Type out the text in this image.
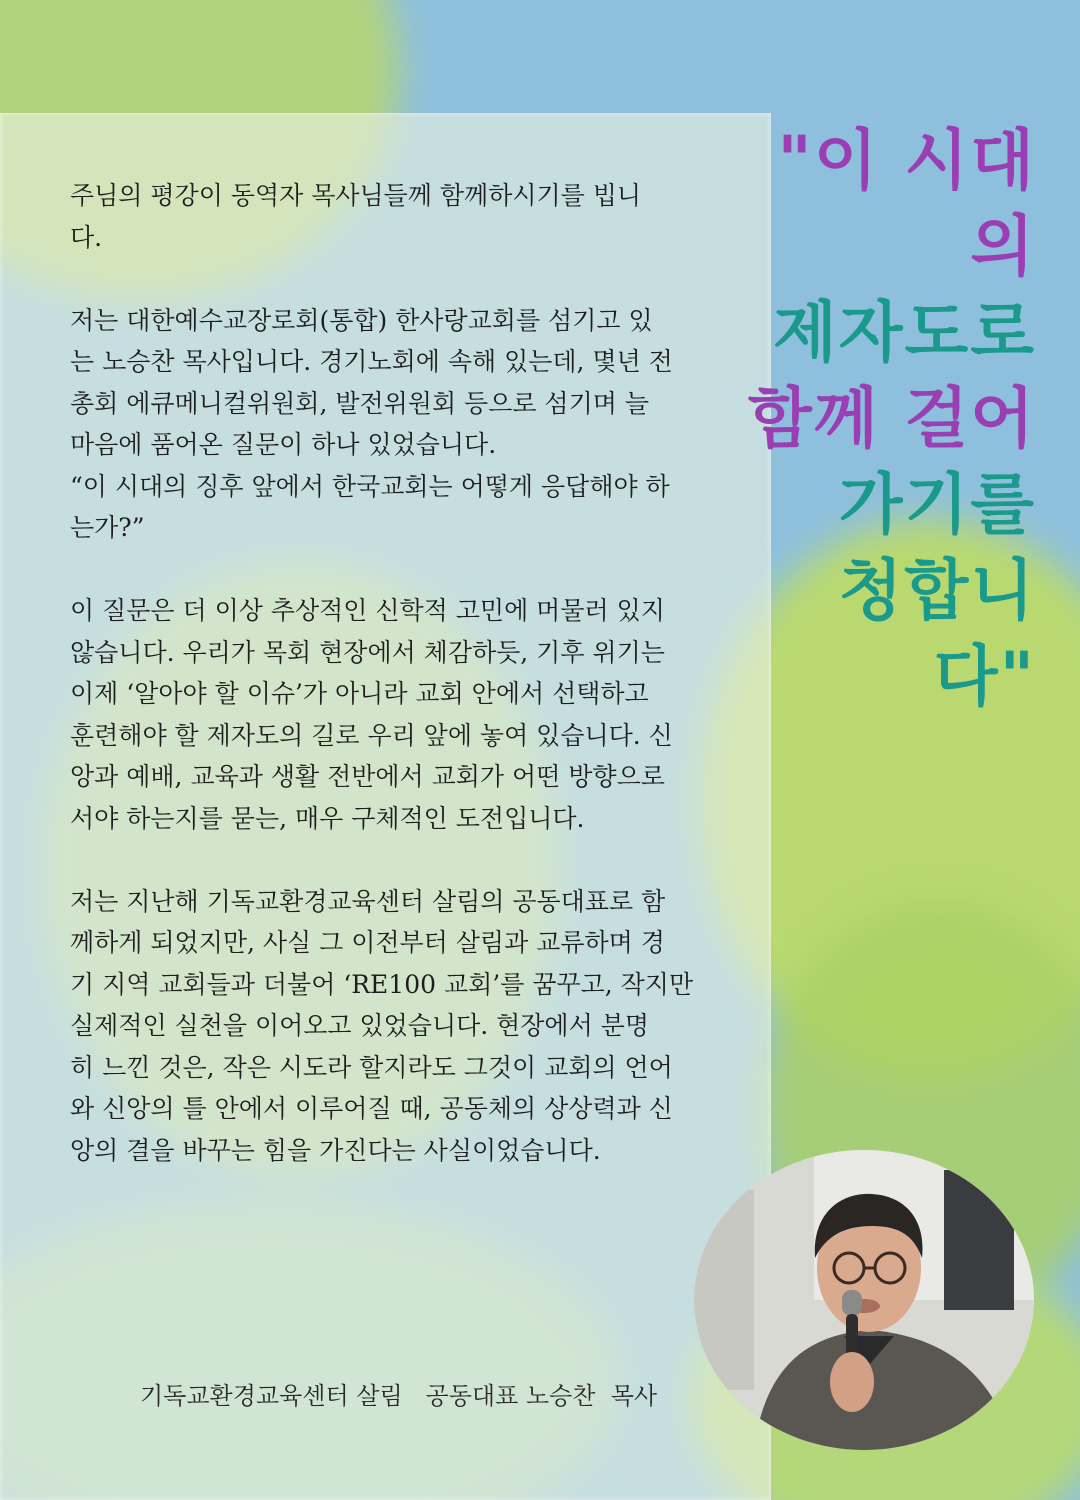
주님의 평강이 동역자 목사님들께 함께하시기를 빕니
다.

저는 대한예수교장로회(통합) 한사랑교회를 섬기고 있
는 노승찬 목사입니다. 경기노회에 속해 있는데, 몇년 전
총회 에큐메니컬위원회, 발전위원회 등으로 섬기며 늘
마음에 품어온 질문이 하나 있었습니다.
“이 시대의 징후 앞에서 한국교회는 어떻게 응답해야 하
는가?”

이 질문은 더 이상 추상적인 신학적 고민에 머물러 있지
않습니다. 우리가 목회 현장에서 체감하듯, 기후 위기는
이제 ‘알아야 할 이슈’가 아니라 교회 안에서 선택하고
훈련해야 할 제자도의 길로 우리 앞에 놓여 있습니다. 신
앙과 예배, 교육과 생활 전반에서 교회가 어떤 방향으로
서야 하는지를 묻는, 매우 구체적인 도전입니다.

저는 지난해 기독교환경교육센터 살림의 공동대표로 함
께하게 되었지만, 사실 그 이전부터 살림과 교류하며 경
기 지역 교회들과 더불어 ‘RE100 교회’를 꿈꾸고, 작지만
실제적인 실천을 이어오고 있었습니다. 현장에서 분명
히 느낀 것은, 작은 시도라 할지라도 그것이 교회의 언어
와 신앙의 틀 안에서 이루어질 때, 공동체의 상상력과 신
앙의 결을 바꾸는 힘을 가진다는 사실이었습니다.

기독교환경교육센터 살림   공동대표 노승찬  목사
"이 시대의
제자도로
함께 걸어
가기를
청합니다"
